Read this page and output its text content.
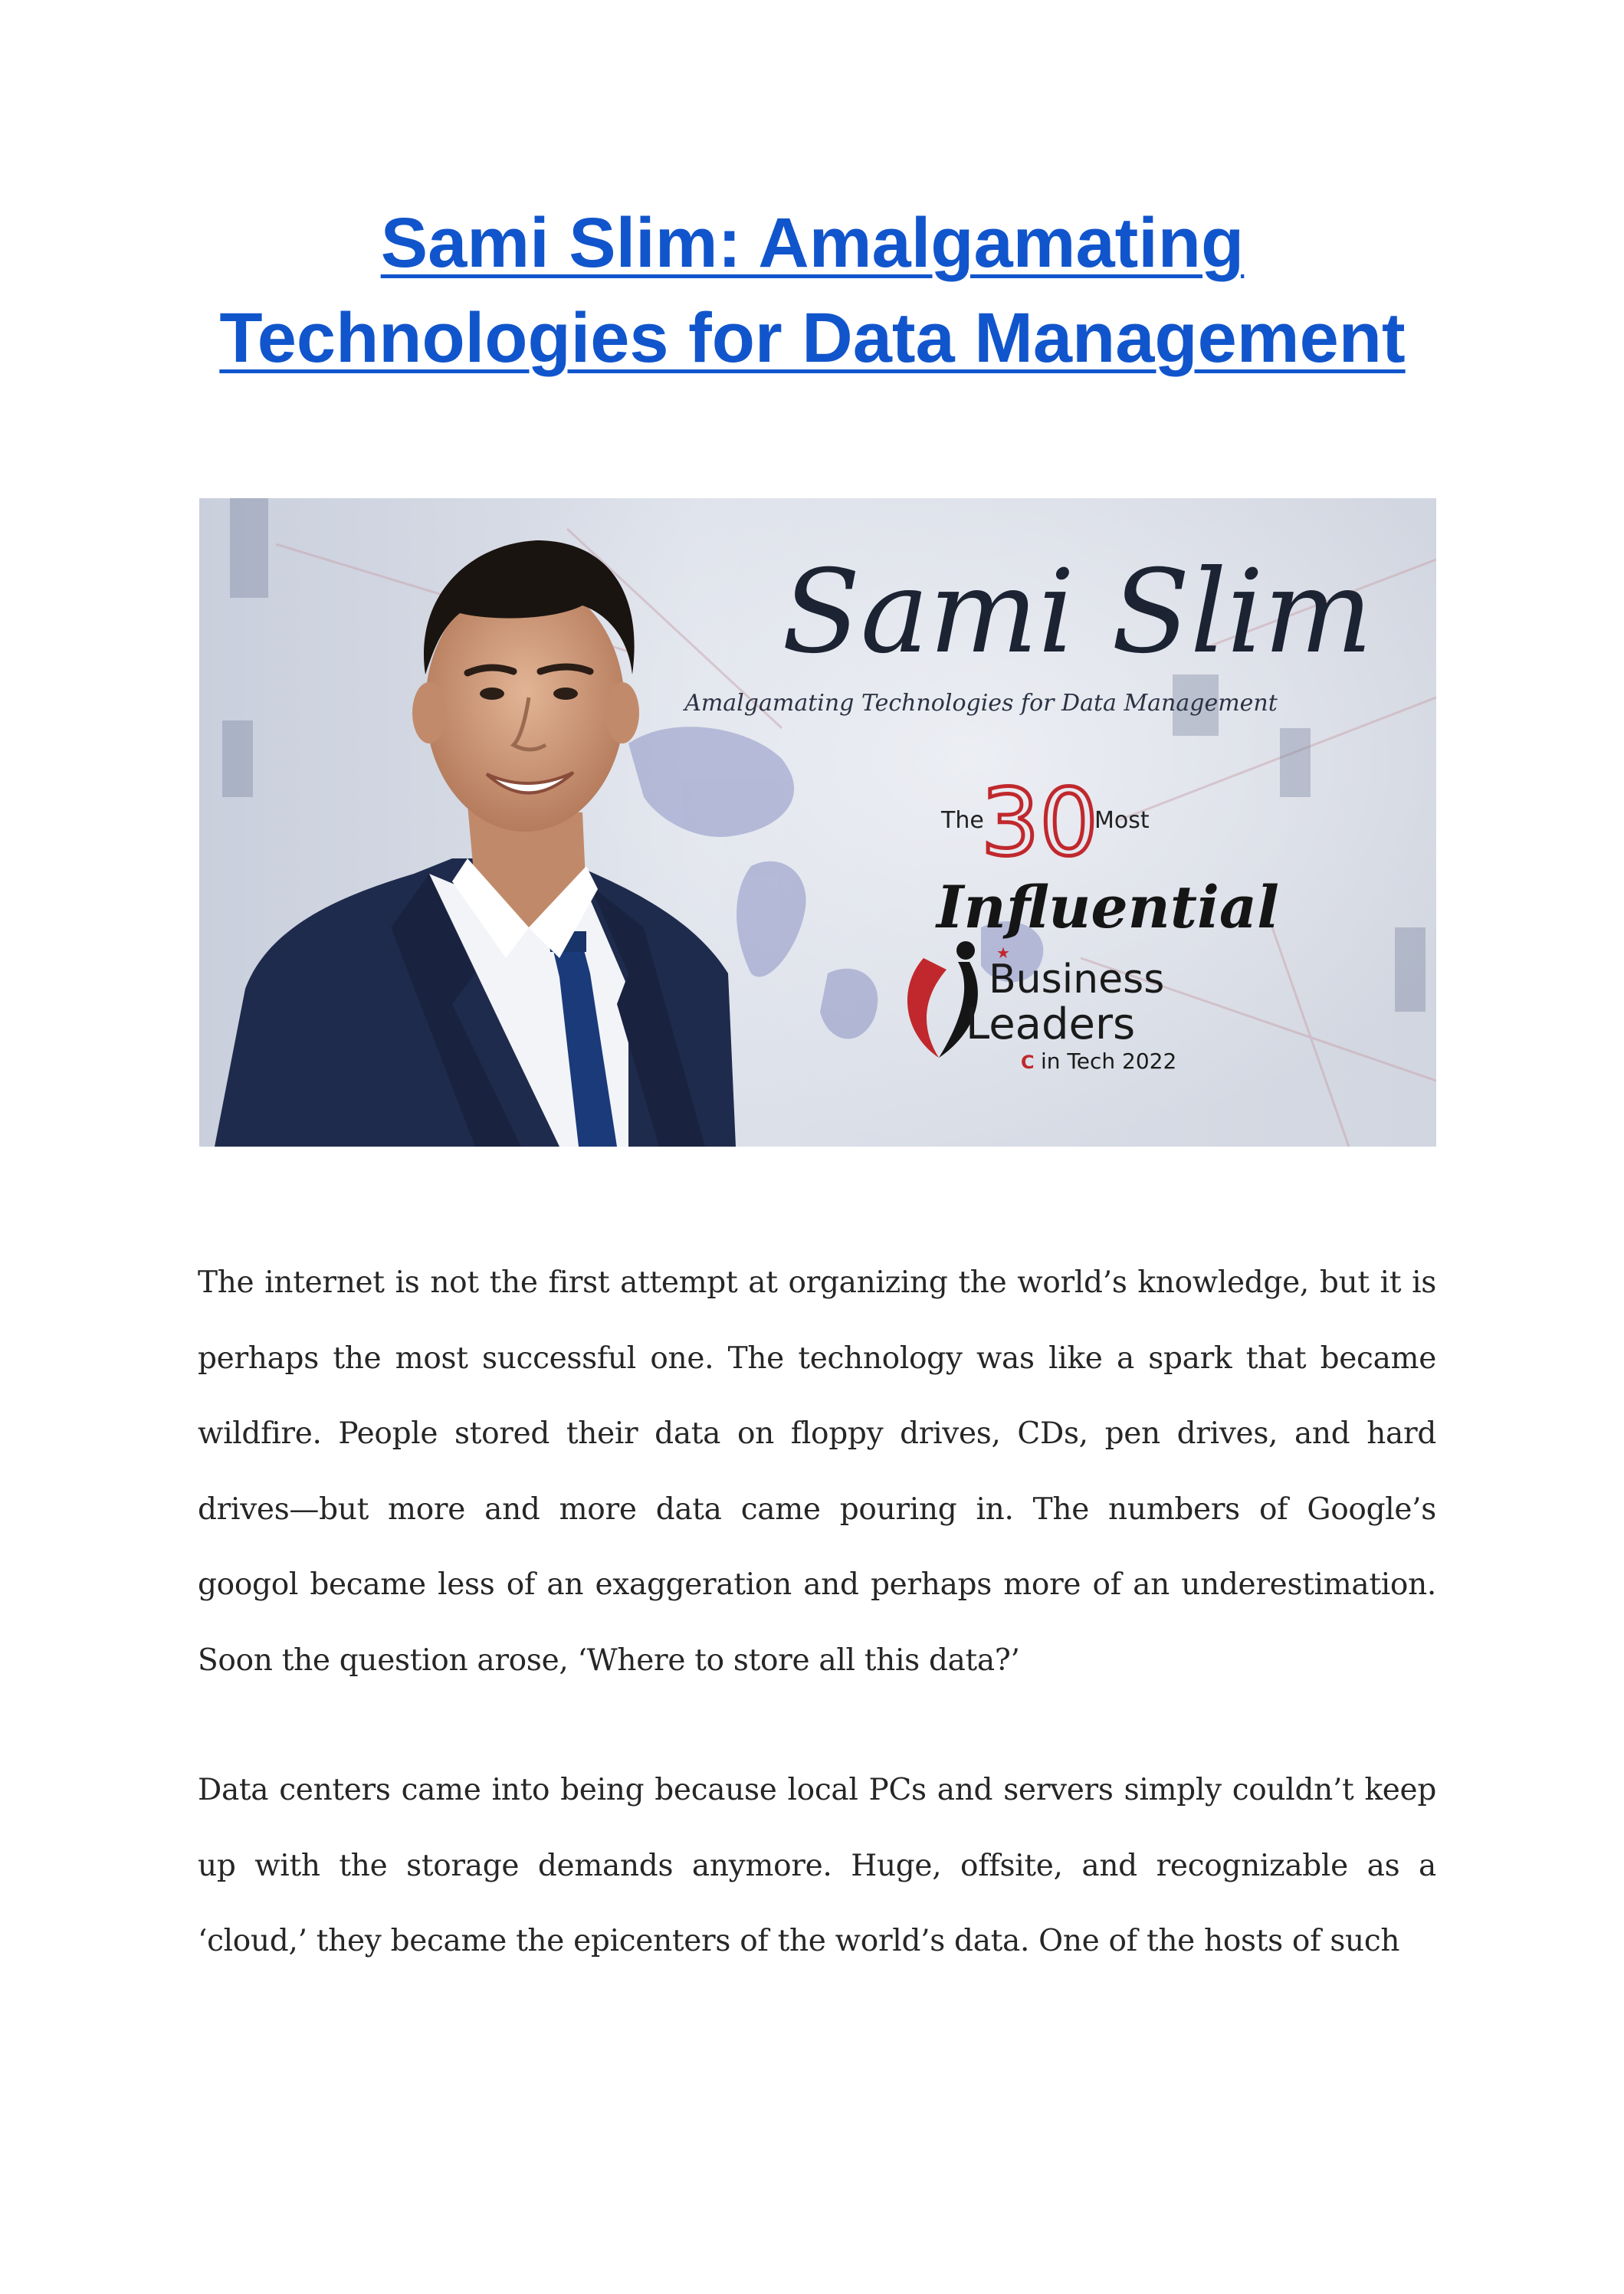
Sami Slim: Amalgamating
Technologies for Data Management
Sami Slim
Amalgamating Technologies for Data Management
The
30
Most
Influential
★
Business
Leaders
C in Tech 2022

The internet is not the first attempt at organizing the world’s knowledge, but it is perhaps the most successful one. The technology was like a spark that became wildfire. People stored their data on floppy drives, CDs, pen drives, and hard drives—but more and more data came pouring in. The numbers of Google’s googol became less of an exaggeration and perhaps more of an underestimation. Soon the question arose, ‘Where to store all this data?’

Data centers came into being because local PCs and servers simply couldn’t keep up with the storage demands anymore. Huge, offsite, and recognizable as a ‘cloud,’ they became the epicenters of the world’s data. One of the hosts of such
